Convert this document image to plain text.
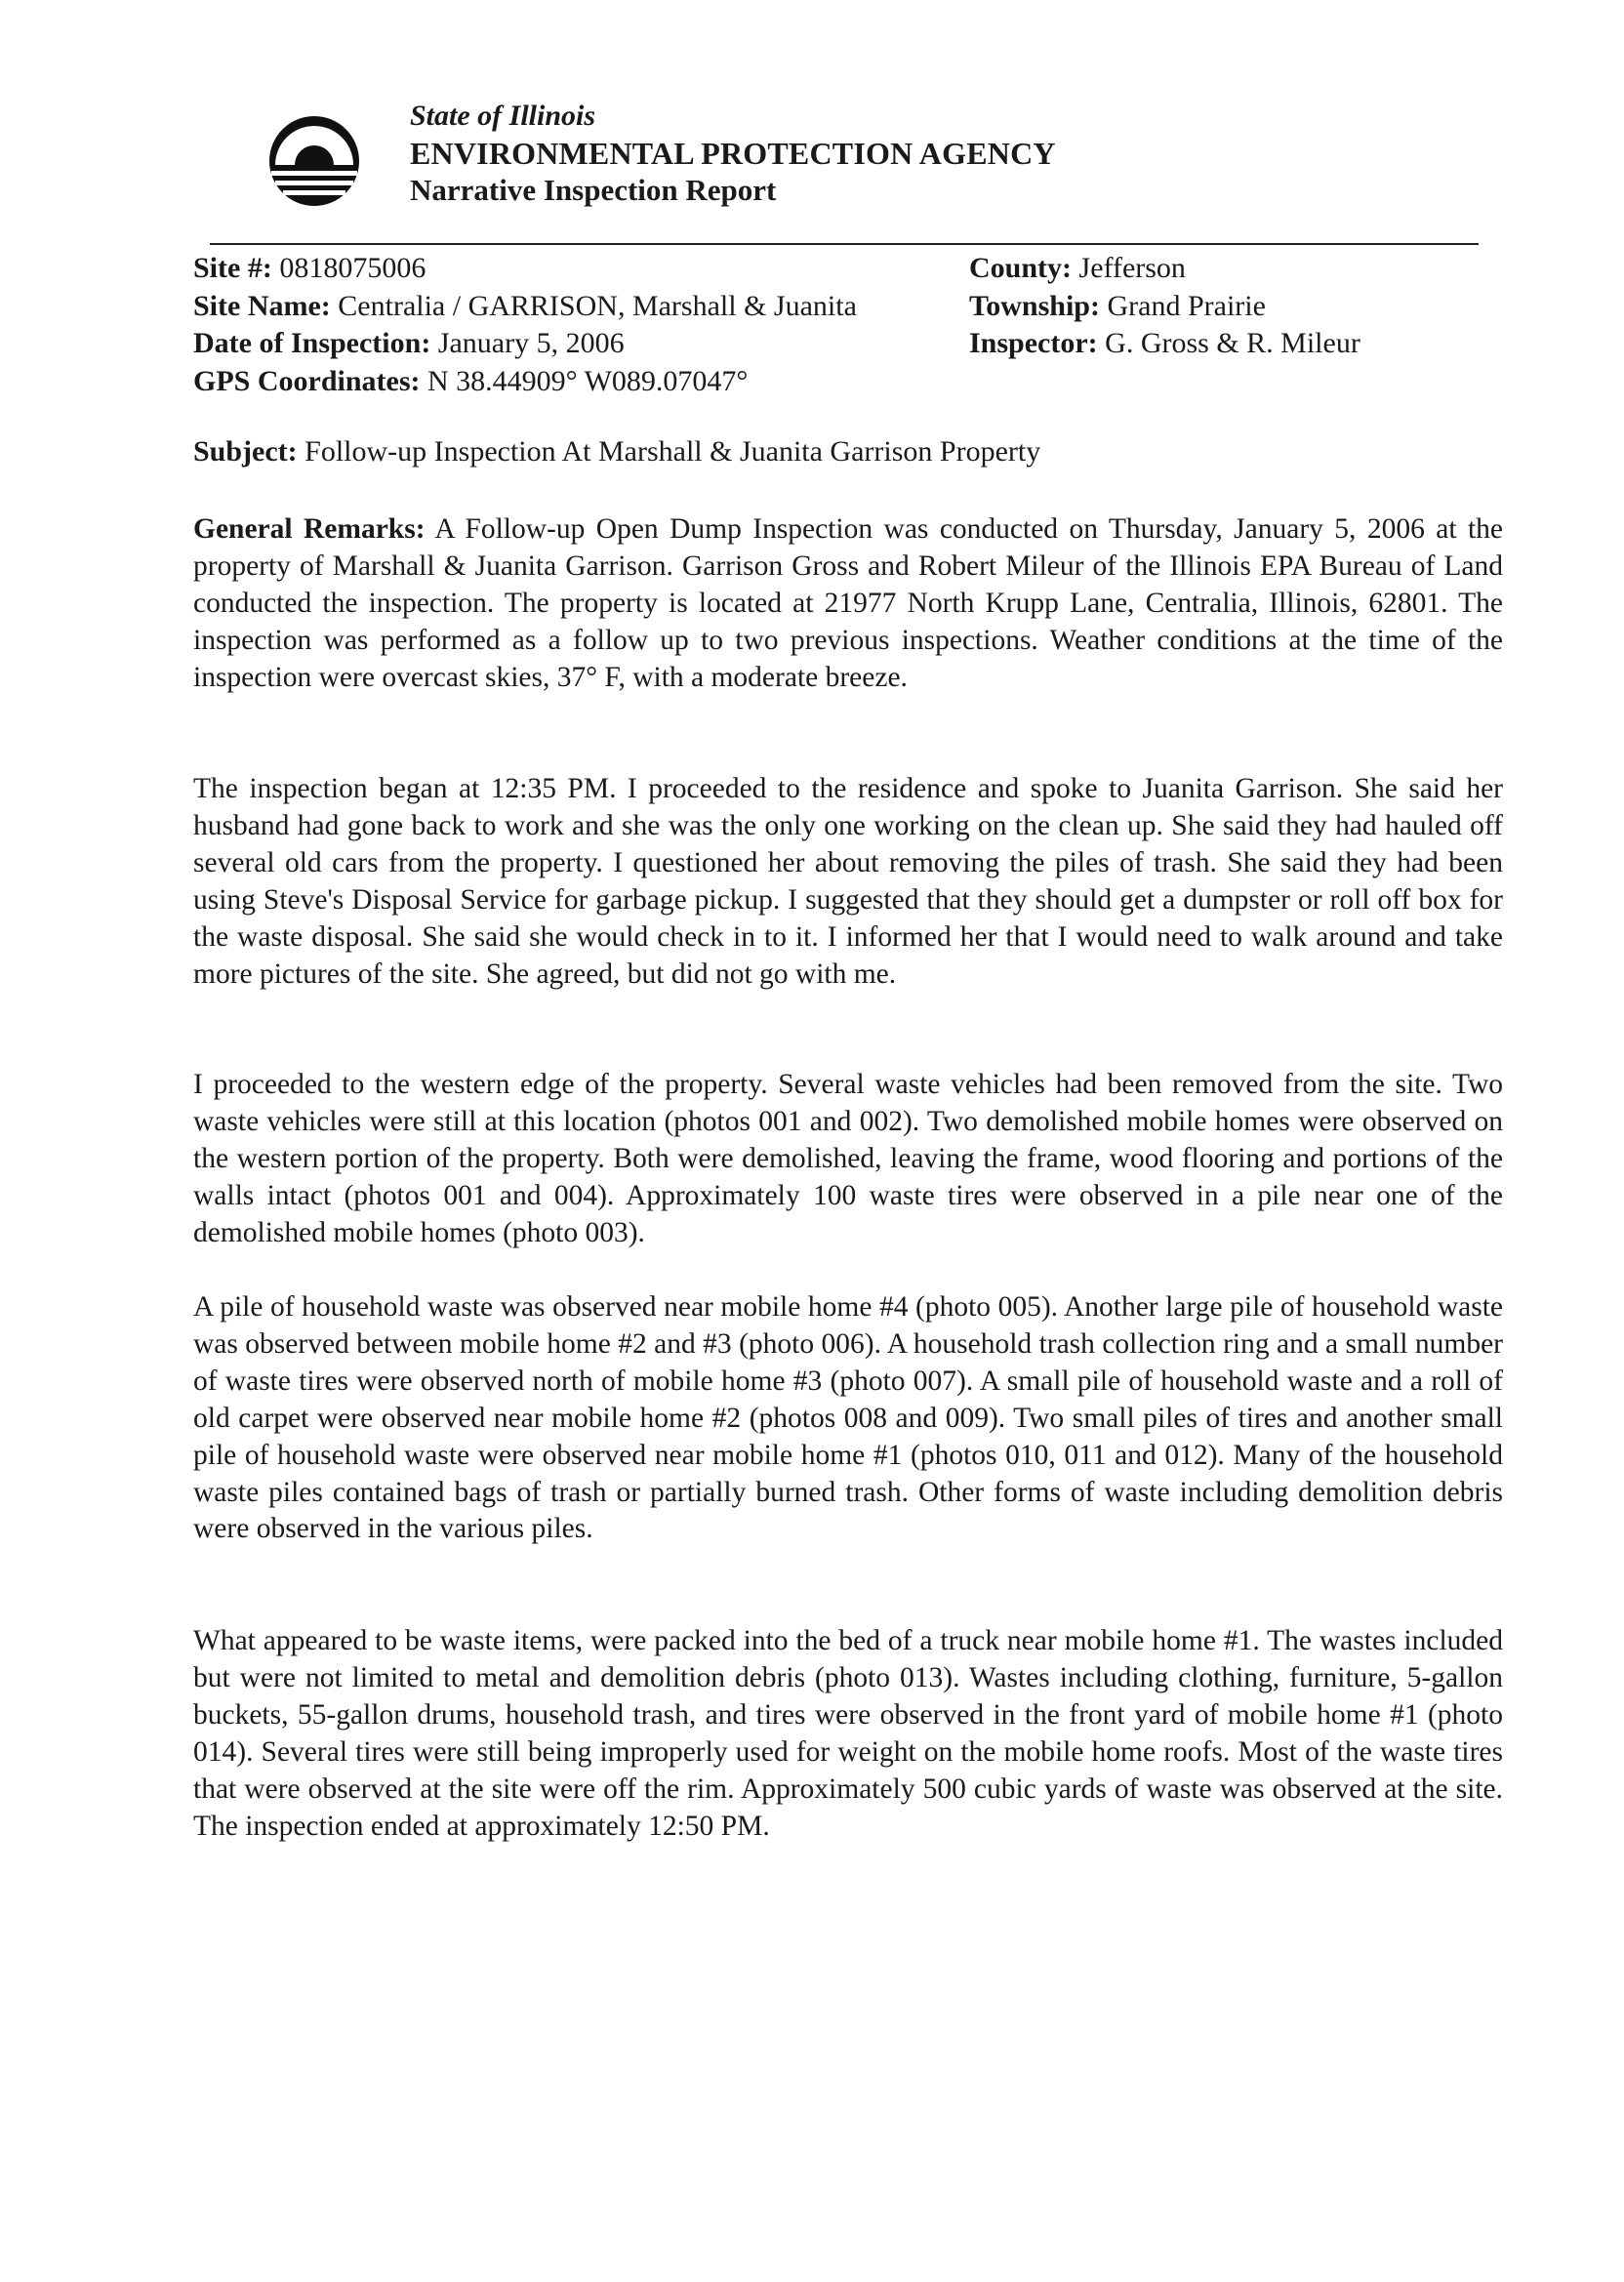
State of Illinois
ENVIRONMENTAL PROTECTION AGENCY
Narrative Inspection Report
Site #: 0818075006
Site Name: Centralia / GARRISON, Marshall & Juanita
Date of Inspection: January 5, 2006
GPS Coordinates: N 38.44909° W089.07047°
County: Jefferson
Township: Grand Prairie
Inspector: G. Gross & R. Mileur
Subject: Follow-up Inspection At Marshall & Juanita Garrison Property
General Remarks: A Follow-up Open Dump Inspection was conducted on Thursday, January 5, 2006 at the property of Marshall & Juanita Garrison. Garrison Gross and Robert Mileur of the Illinois EPA Bureau of Land conducted the inspection. The property is located at 21977 North Krupp Lane, Centralia, Illinois, 62801. The inspection was performed as a follow up to two previous inspections. Weather conditions at the time of the inspection were overcast skies, 37° F, with a moderate breeze.
The inspection began at 12:35 PM. I proceeded to the residence and spoke to Juanita Garrison. She said her husband had gone back to work and she was the only one working on the clean up. She said they had hauled off several old cars from the property. I questioned her about removing the piles of trash. She said they had been using Steve's Disposal Service for garbage pickup. I suggested that they should get a dumpster or roll off box for the waste disposal. She said she would check in to it. I informed her that I would need to walk around and take more pictures of the site. She agreed, but did not go with me.
I proceeded to the western edge of the property. Several waste vehicles had been removed from the site. Two waste vehicles were still at this location (photos 001 and 002). Two demolished mobile homes were observed on the western portion of the property. Both were demolished, leaving the frame, wood flooring and portions of the walls intact (photos 001 and 004). Approximately 100 waste tires were observed in a pile near one of the demolished mobile homes (photo 003).
A pile of household waste was observed near mobile home #4 (photo 005). Another large pile of household waste was observed between mobile home #2 and #3 (photo 006). A household trash collection ring and a small number of waste tires were observed north of mobile home #3 (photo 007). A small pile of household waste and a roll of old carpet were observed near mobile home #2 (photos 008 and 009). Two small piles of tires and another small pile of household waste were observed near mobile home #1 (photos 010, 011 and 012). Many of the household waste piles contained bags of trash or partially burned trash. Other forms of waste including demolition debris were observed in the various piles.
What appeared to be waste items, were packed into the bed of a truck near mobile home #1. The wastes included but were not limited to metal and demolition debris (photo 013). Wastes including clothing, furniture, 5-gallon buckets, 55-gallon drums, household trash, and tires were observed in the front yard of mobile home #1 (photo 014). Several tires were still being improperly used for weight on the mobile home roofs. Most of the waste tires that were observed at the site were off the rim. Approximately 500 cubic yards of waste was observed at the site. The inspection ended at approximately 12:50 PM.
